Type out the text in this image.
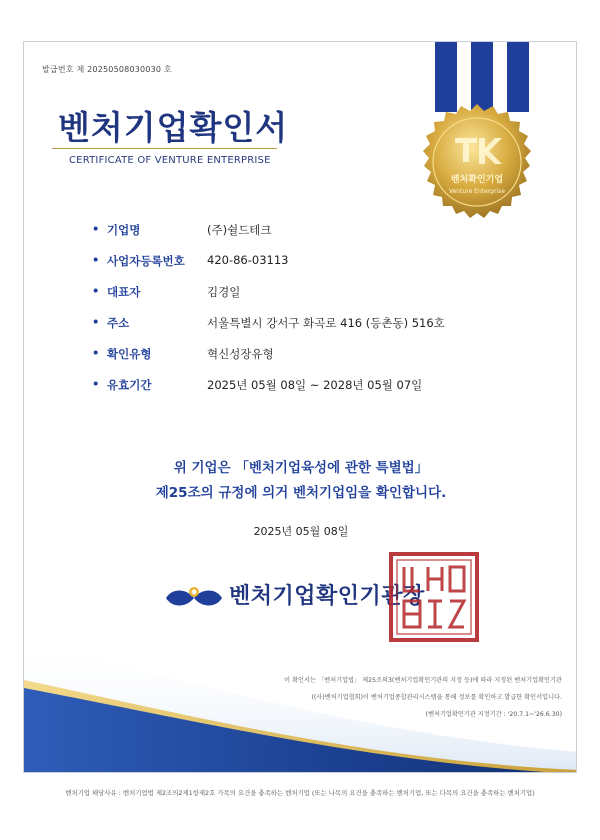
발급번호 제 20250508030030 호
벤처확인기업
Venture Enterprise
벤처기업확인서
CERTIFICATE OF VENTURE ENTERPRISE
• 기업명	(주)쉴드테크
• 사업자등록번호 420-86-03113
• 대표자	김경일
• 주소	서울특별시 강서구 화곡로 416 (등촌동) 516호
• 확인유형	혁신성장유형
• 유효기간	2025년 05월 08일 ~ 2028년 05월 07일
위 기업은 「벤처기업육성에 관한 특별법」
제25조의 규정에 의거 벤처기업임을 확인합니다.
2025년 05월 08일
벤처기업확인기관장
이 확인서는 「벤처기업법」 제25조의3(벤처기업확인기관의 지정 등)에 따라 지정된 벤처기업확인기관
((사)벤처기업협회)이 벤처기업종합관리시스템을 통해 정보를 확인하고 발급한 확인서입니다.
(벤처기업확인기관 지정기간 : '20.7.1~'26.6.30)
벤처기업 해당사유 : 벤처기업법 제2조의2제1항제2호 가목의 요건을 충족하는 벤처기업 (또는 나목의 요건을 충족하는 벤처기업, 또는 다목의 요건을 충족하는 벤처기업)
